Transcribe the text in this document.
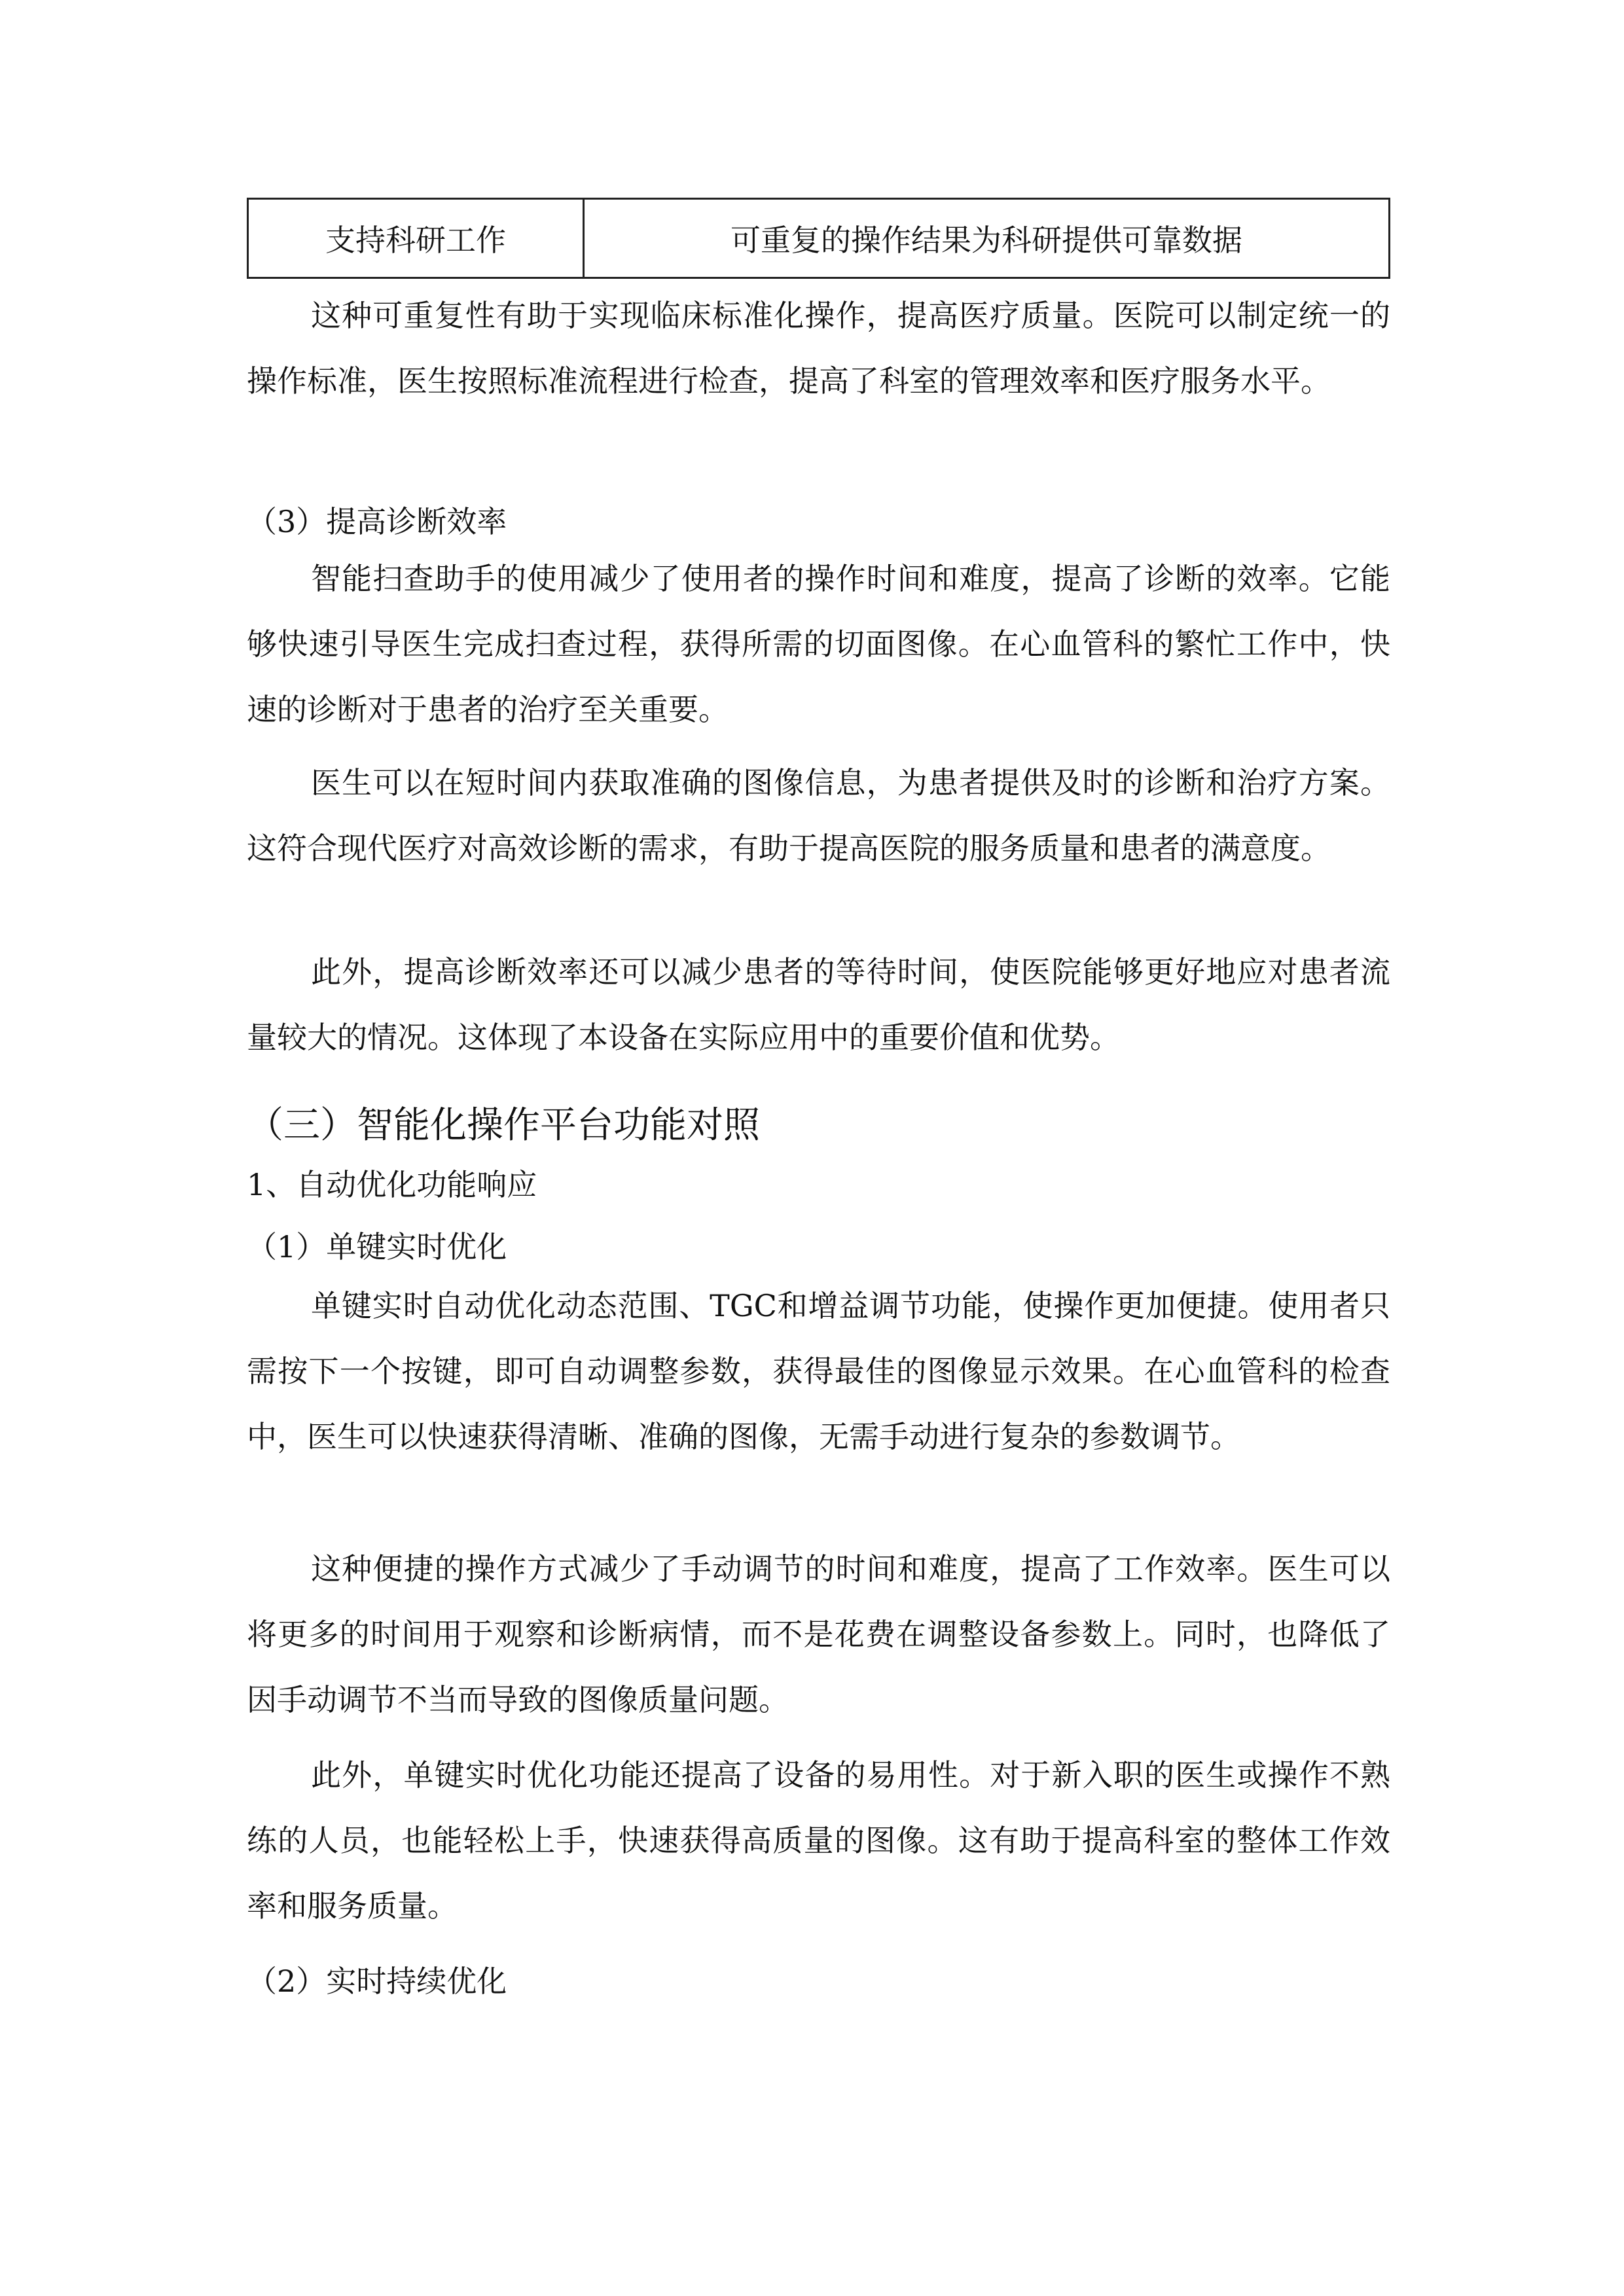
支持科研工作	可重复的操作结果为科研提供可靠数据

这种可重复性有助于实现临床标准化操作，提高医疗质量。医院可以制定统一的操作标准，医生按照标准流程进行检查，提高了科室的管理效率和医疗服务水平。

（3）提高诊断效率

智能扫查助手的使用减少了使用者的操作时间和难度，提高了诊断的效率。它能够快速引导医生完成扫查过程，获得所需的切面图像。在心血管科的繁忙工作中，快速的诊断对于患者的治疗至关重要。

医生可以在短时间内获取准确的图像信息，为患者提供及时的诊断和治疗方案。这符合现代医疗对高效诊断的需求，有助于提高医院的服务质量和患者的满意度。

此外，提高诊断效率还可以减少患者的等待时间，使医院能够更好地应对患者流量较大的情况。这体现了本设备在实际应用中的重要价值和优势。

（三）智能化操作平台功能对照

1、自动优化功能响应

（1）单键实时优化

单键实时自动优化动态范围、TGC和增益调节功能，使操作更加便捷。使用者只需按下一个按键，即可自动调整参数，获得最佳的图像显示效果。在心血管科的检查中，医生可以快速获得清晰、准确的图像，无需手动进行复杂的参数调节。

这种便捷的操作方式减少了手动调节的时间和难度，提高了工作效率。医生可以将更多的时间用于观察和诊断病情，而不是花费在调整设备参数上。同时，也降低了因手动调节不当而导致的图像质量问题。

此外，单键实时优化功能还提高了设备的易用性。对于新入职的医生或操作不熟练的人员，也能轻松上手，快速获得高质量的图像。这有助于提高科室的整体工作效率和服务质量。

（2）实时持续优化
